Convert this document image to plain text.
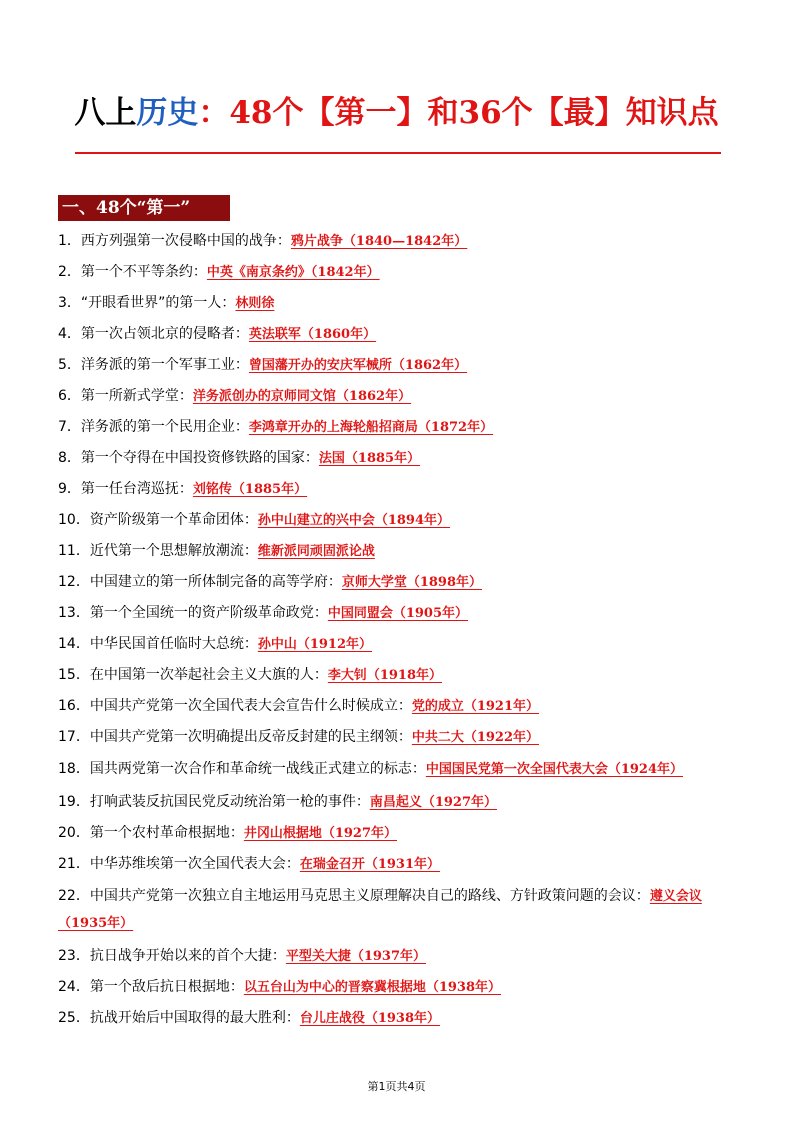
八上历史：48个【第一】和36个【最】知识点
一、48个“第一”
1．西方列强第一次侵略中国的战争：鸦片战争（1840—1842年）
2．第一个不平等条约：中英《南京条约》（1842年）
3．“开眼看世界”的第一人：林则徐
4．第一次占领北京的侵略者：英法联军（1860年）
5．洋务派的第一个军事工业：曾国藩开办的安庆军械所（1862年）
6．第一所新式学堂：洋务派创办的京师同文馆（1862年）
7．洋务派的第一个民用企业：李鸿章开办的上海轮船招商局（1872年）
8．第一个夺得在中国投资修铁路的国家：法国（1885年）
9．第一任台湾巡抚：刘铭传（1885年）
10．资产阶级第一个革命团体：孙中山建立的兴中会（1894年）
11．近代第一个思想解放潮流：维新派同顽固派论战
12．中国建立的第一所体制完备的高等学府：京师大学堂（1898年）
13．第一个全国统一的资产阶级革命政党：中国同盟会（1905年）
14．中华民国首任临时大总统：孙中山（1912年）
15．在中国第一次举起社会主义大旗的人：李大钊（1918年）
16．中国共产党第一次全国代表大会宣告什么时候成立：党的成立（1921年）
17．中国共产党第一次明确提出反帝反封建的民主纲领：中共二大（1922年）
18．国共两党第一次合作和革命统一战线正式建立的标志：中国国民党第一次全国代表大会（1924年）
19．打响武装反抗国民党反动统治第一枪的事件：南昌起义（1927年）
20．第一个农村革命根据地：井冈山根据地（1927年）
21．中华苏维埃第一次全国代表大会：在瑞金召开（1931年）
22．中国共产党第一次独立自主地运用马克思主义原理解决自己的路线、方针政策问题的会议：遵义会议（1935年）
23．抗日战争开始以来的首个大捷：平型关大捷（1937年）
24．第一个敌后抗日根据地：以五台山为中心的晋察冀根据地（1938年）
25．抗战开始后中国取得的最大胜利：台儿庄战役（1938年）
第1页共4页
